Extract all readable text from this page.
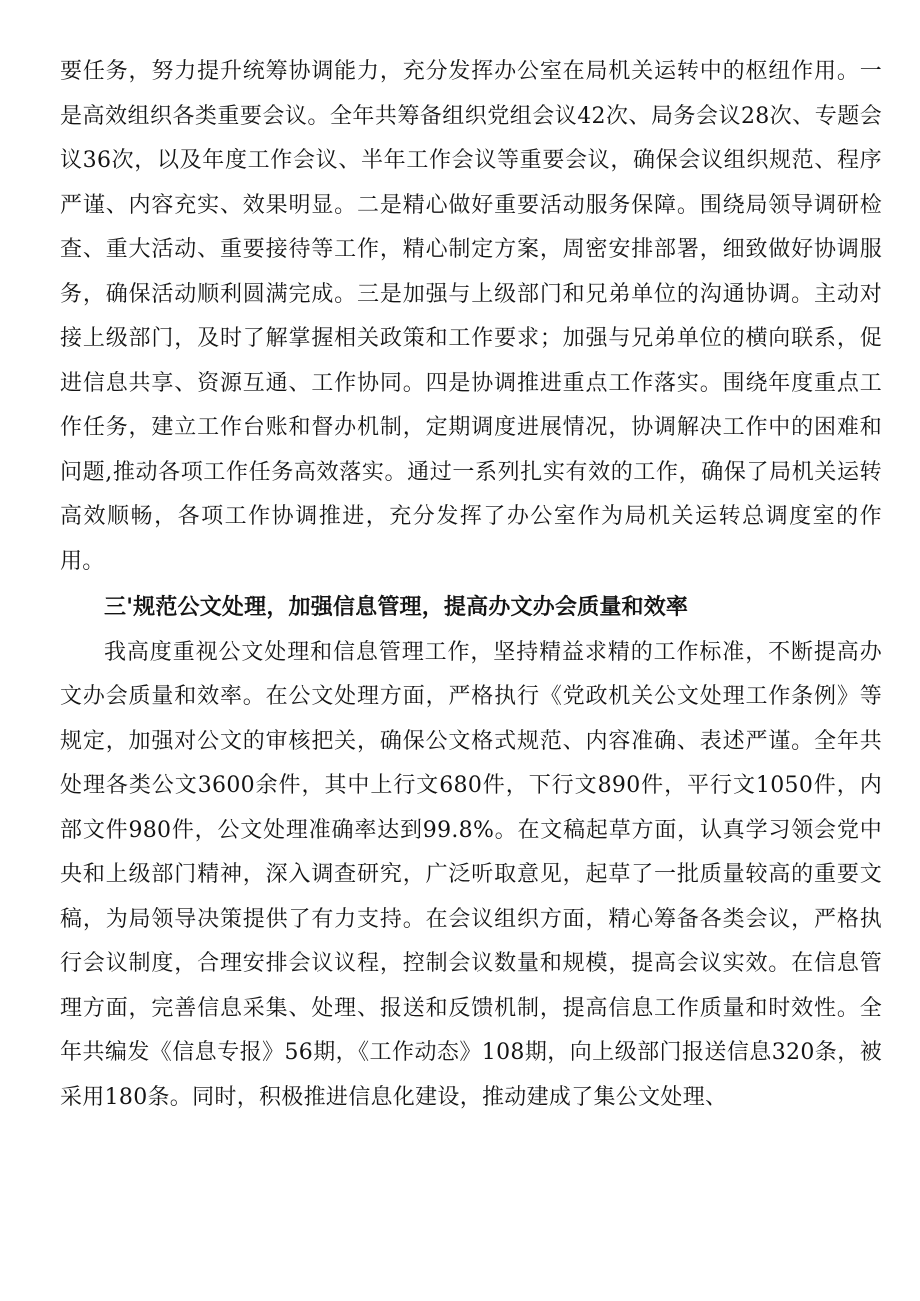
要任务，努力提升统筹协调能力，充分发挥办公室在局机关运转中的枢纽作用。一是高效组织各类重要会议。全年共筹备组织党组会议42次、局务会议28次、专题会议36次，以及年度工作会议、半年工作会议等重要会议，确保会议组织规范、程序严谨、内容充实、效果明显。二是精心做好重要活动服务保障。围绕局领导调研检查、重大活动、重要接待等工作，精心制定方案，周密安排部署，细致做好协调服务，确保活动顺利圆满完成。三是加强与上级部门和兄弟单位的沟通协调。主动对接上级部门，及时了解掌握相关政策和工作要求；加强与兄弟单位的横向联系，促进信息共享、资源互通、工作协同。四是协调推进重点工作落实。围绕年度重点工作任务，建立工作台账和督办机制，定期调度进展情况，协调解决工作中的困难和问题,推动各项工作任务高效落实。通过一系列扎实有效的工作，确保了局机关运转高效顺畅，各项工作协调推进，充分发挥了办公室作为局机关运转总调度室的作用。

三'规范公文处理，加强信息管理，提高办文办会质量和效率

我高度重视公文处理和信息管理工作，坚持精益求精的工作标准，不断提高办文办会质量和效率。在公文处理方面，严格执行《党政机关公文处理工作条例》等规定，加强对公文的审核把关，确保公文格式规范、内容准确、表述严谨。全年共处理各类公文3600余件，其中上行文680件，下行文890件，平行文1050件，内部文件980件，公文处理准确率达到99.8%。在文稿起草方面，认真学习领会党中央和上级部门精神，深入调查研究，广泛听取意见，起草了一批质量较高的重要文稿，为局领导决策提供了有力支持。在会议组织方面，精心筹备各类会议，严格执行会议制度，合理安排会议议程，控制会议数量和规模，提高会议实效。在信息管理方面，完善信息采集、处理、报送和反馈机制，提高信息工作质量和时效性。全年共编发《信息专报》56期，《工作动态》108期，向上级部门报送信息320条，被采用180条。同时，积极推进信息化建设，推动建成了集公文处理、
